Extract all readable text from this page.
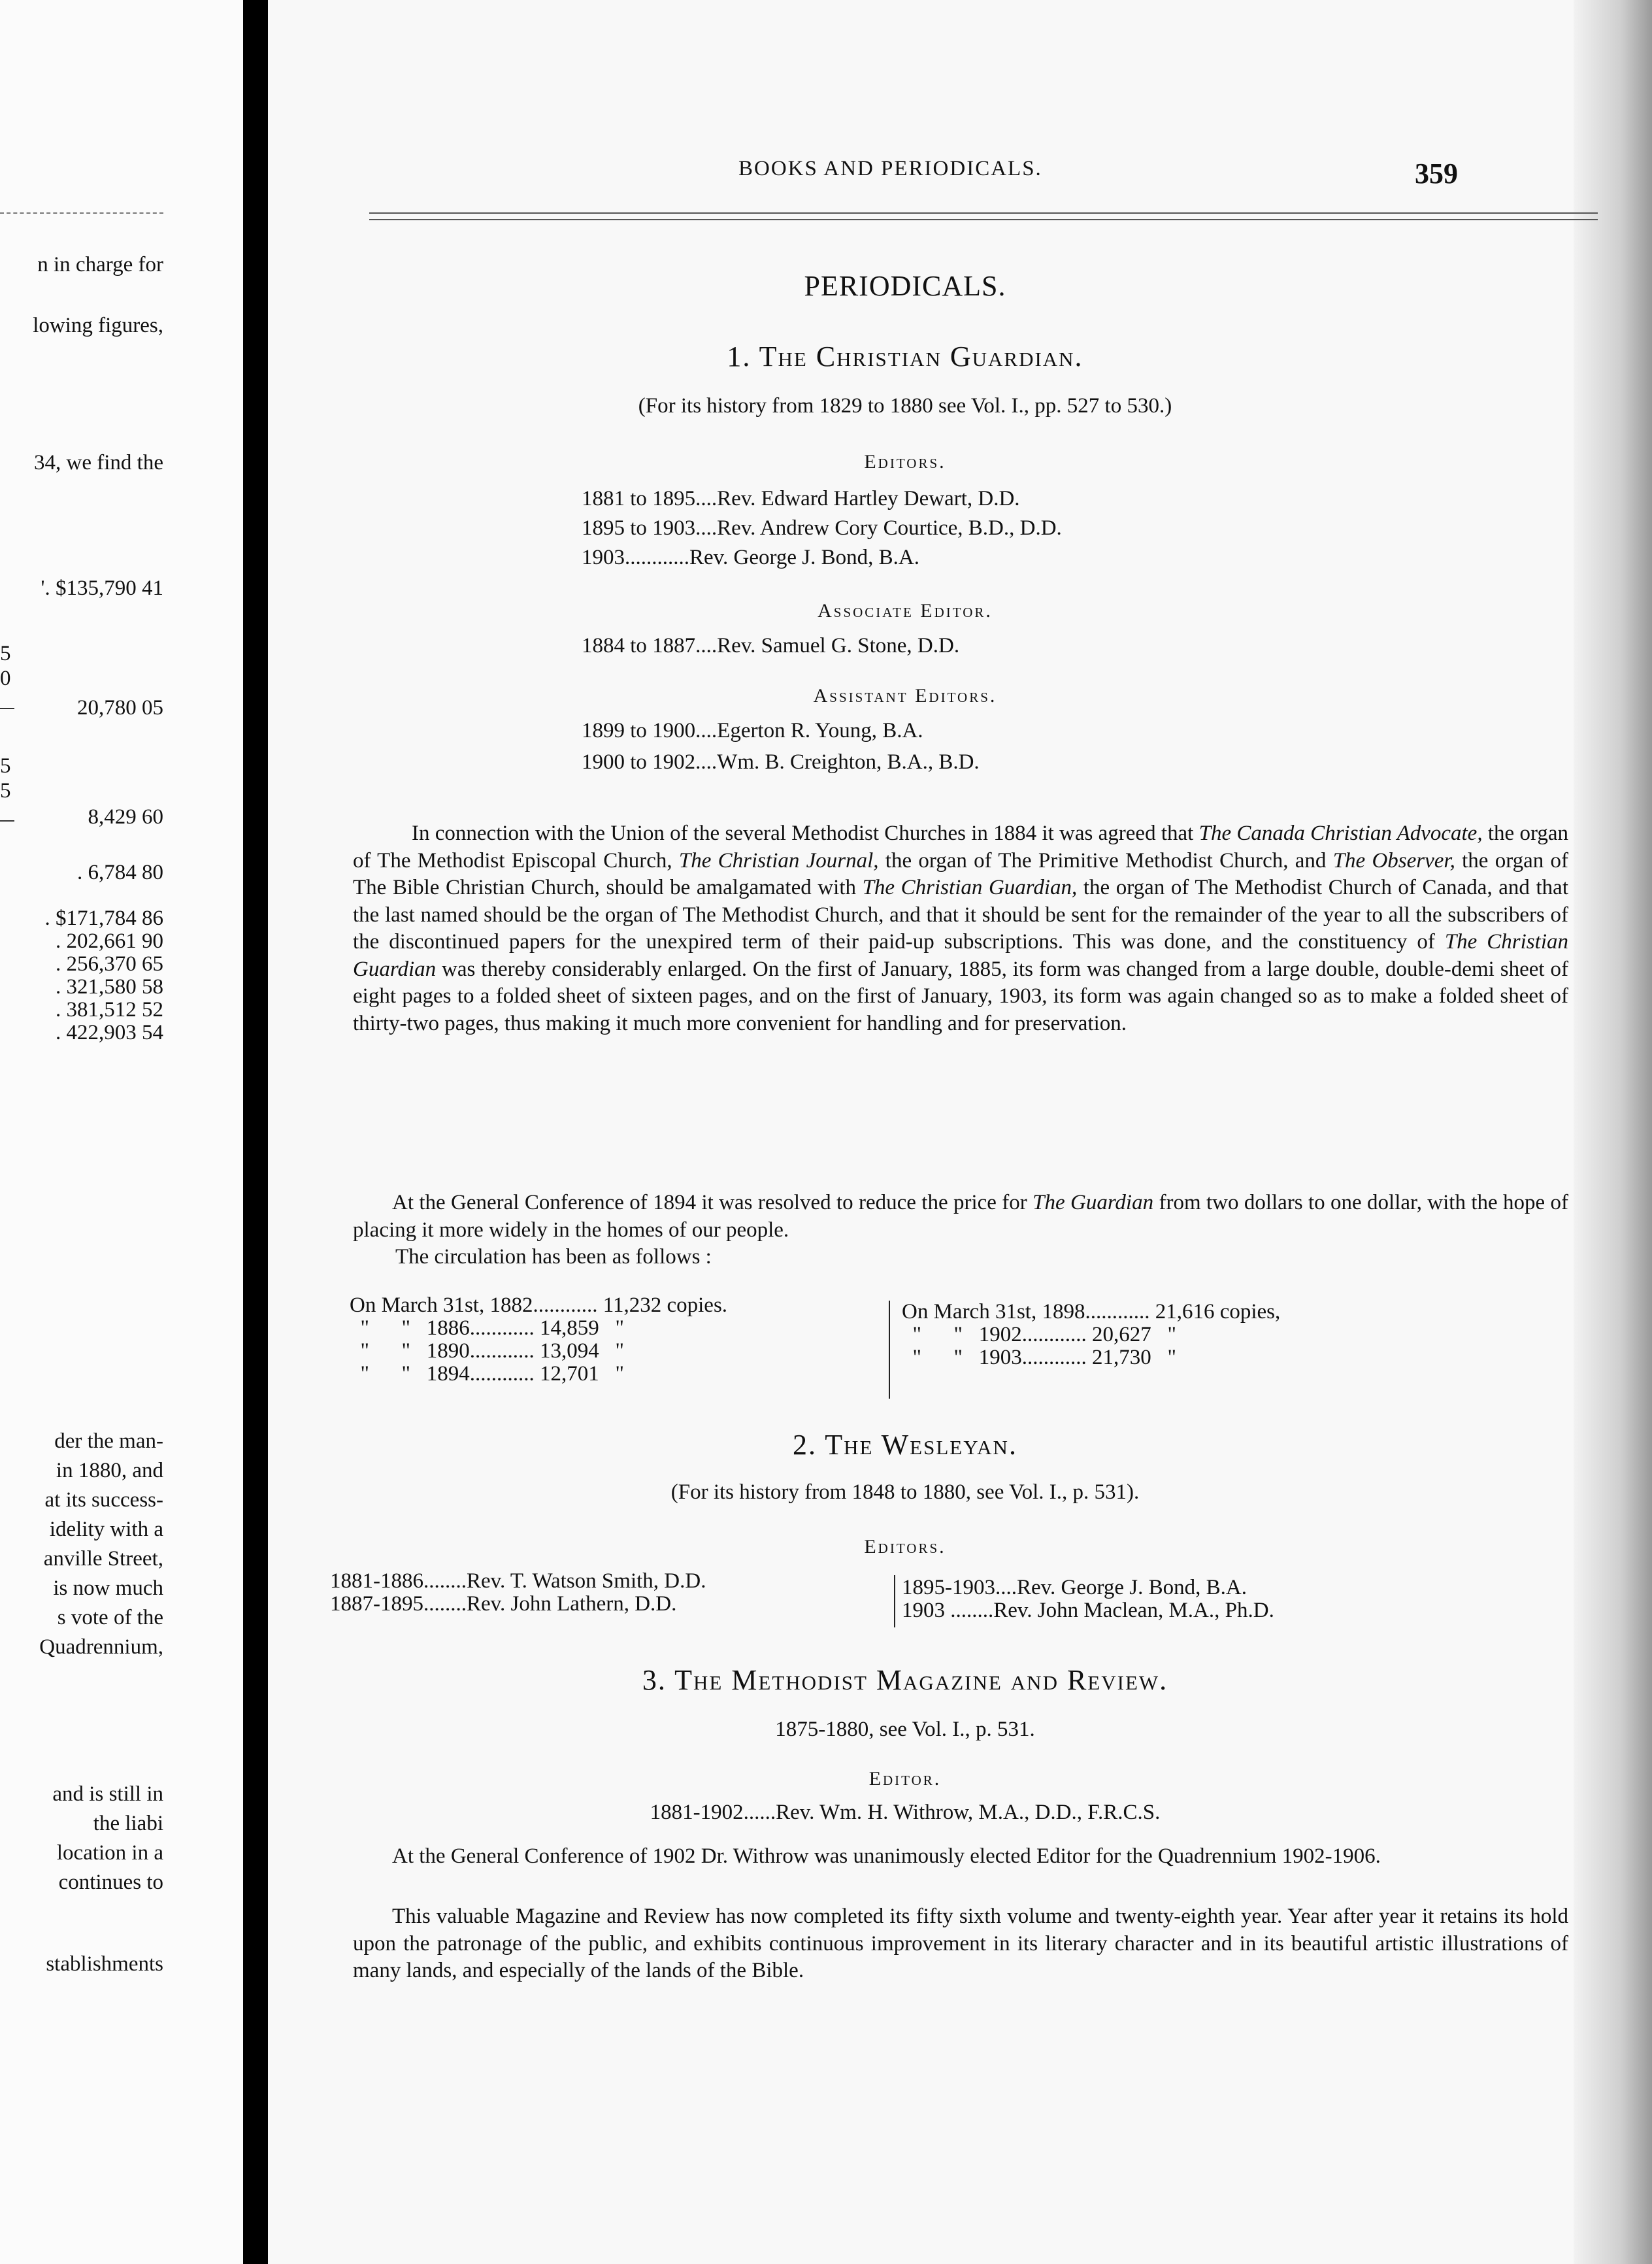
n in charge for
lowing figures,
34, we find the
'. $135,790 41
5
0
20,780 05
5
5
8,429 60
. 6,784 80
. $171,784 86
. 202,661 90
. 256,370 65
. 321,580 58
. 381,512 52
. 422,903 54
der the man-
in 1880, and
at its success-
idelity with a
anville Street,
is now much
s vote of the
Quadrennium,
and is still in
the liabi
location in a
continues to
stablishments
BOOKS AND PERIODICALS.	359
PERIODICALS.
1. The Christian Guardian.
(For its history from 1829 to 1880 see Vol. I., pp. 527 to 530.)
Editors.
1881 to 1895....Rev. Edward Hartley Dewart, D.D.
1895 to 1903....Rev. Andrew Cory Courtice, B.D., D.D.
1903............Rev. George J. Bond, B.A.
Associate Editor.
1884 to 1887....Rev. Samuel G. Stone, D.D.
Assistant Editors.
1899 to 1900....Egerton R. Young, B.A.
1900 to 1902....Wm. B. Creighton, B.A., B.D.
In connection with the Union of the several Methodist Churches in 1884 it was agreed that The Canada Christian Advocate, the organ of The Methodist Episcopal Church, The Christian Journal, the organ of The Primitive Methodist Church, and The Observer, the organ of The Bible Christian Church, should be amalgamated with The Christian Guardian, the organ of The Methodist Church of Canada, and that the last named should be the organ of The Methodist Church, and that it should be sent for the remainder of the year to all the subscribers of the discontinued papers for the unexpired term of their paid-up subscriptions. This was done, and the constituency of The Christian Guardian was thereby considerably enlarged. On the first of January, 1885, its form was changed from a large double, double-demi sheet of eight pages to a folded sheet of sixteen pages, and on the first of January, 1903, its form was again changed so as to make a folded sheet of thirty-two pages, thus making it much more convenient for handling and for preservation.
At the General Conference of 1894 it was resolved to reduce the price for The Guardian from two dollars to one dollar, with the hope of placing it more widely in the homes of our people.
The circulation has been as follows :
On March 31st, 1882............ 11,232 copies.
"      "   1886............ 14,859   "
"      "   1890............ 13,094   "
"      "   1894............ 12,701   "
On March 31st, 1898............ 21,616 copies,
"      "   1902............ 20,627   "
"      "   1903............ 21,730   "
2. The Wesleyan.
(For its history from 1848 to 1880, see Vol. I., p. 531).
Editors.
1881-1886........Rev. T. Watson Smith, D.D.
1887-1895........Rev. John Lathern, D.D.
1895-1903....Rev. George J. Bond, B.A.
1903 ........Rev. John Maclean, M.A., Ph.D.
3. The Methodist Magazine and Review.
1875-1880, see Vol. I., p. 531.
Editor.
1881-1902......Rev. Wm. H. Withrow, M.A., D.D., F.R.C.S.
At the General Conference of 1902 Dr. Withrow was unanimously elected Editor for the Quadrennium 1902-1906.
This valuable Magazine and Review has now completed its fifty sixth volume and twenty-eighth year. Year after year it retains its hold upon the patronage of the public, and exhibits continuous improvement in its literary character and in its beautiful artistic illustrations of many lands, and especially of the lands of the Bible.
